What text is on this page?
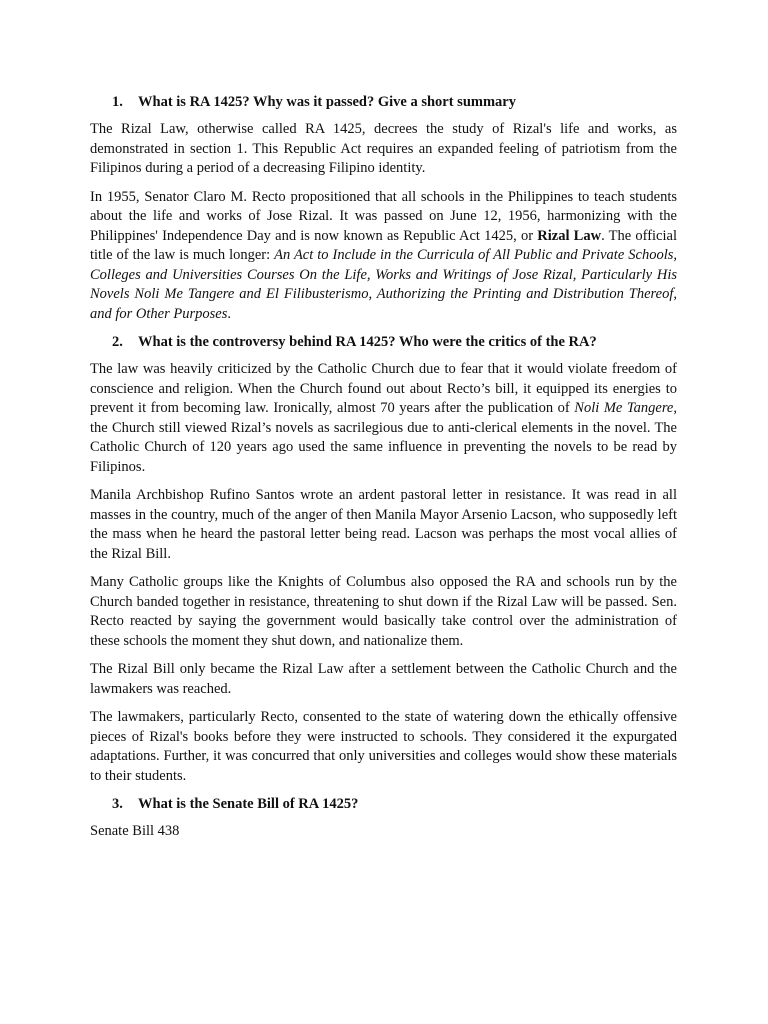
1.	What is RA 1425? Why was it passed? Give a short summary

The Rizal Law, otherwise called RA 1425, decrees the study of Rizal's life and works, as demonstrated in section 1. This Republic Act requires an expanded feeling of patriotism from the Filipinos during a period of a decreasing Filipino identity.

In 1955, Senator Claro M. Recto propositioned that all schools in the Philippines to teach students about the life and works of Jose Rizal. It was passed on June 12, 1956, harmonizing with the Philippines' Independence Day and is now known as Republic Act 1425, or Rizal Law. The official title of the law is much longer: An Act to Include in the Curricula of All Public and Private Schools, Colleges and Universities Courses On the Life, Works and Writings of Jose Rizal, Particularly His Novels Noli Me Tangere and El Filibusterismo, Authorizing the Printing and Distribution Thereof, and for Other Purposes.

2.	What is the controversy behind RA 1425? Who were the critics of the RA?

The law was heavily criticized by the Catholic Church due to fear that it would violate freedom of conscience and religion. When the Church found out about Recto’s bill, it equipped its energies to prevent it from becoming law. Ironically, almost 70 years after the publication of Noli Me Tangere, the Church still viewed Rizal’s novels as sacrilegious due to anti-clerical elements in the novel. The Catholic Church of 120 years ago used the same influence in preventing the novels to be read by Filipinos.

Manila Archbishop Rufino Santos wrote an ardent pastoral letter in resistance. It was read in all masses in the country, much of the anger of then Manila Mayor Arsenio Lacson, who supposedly left the mass when he heard the pastoral letter being read. Lacson was perhaps the most vocal allies of the Rizal Bill.

Many Catholic groups like the Knights of Columbus also opposed the RA and schools run by the Church banded together in resistance, threatening to shut down if the Rizal Law will be passed. Sen. Recto reacted by saying the government would basically take control over the administration of these schools the moment they shut down, and nationalize them.

The Rizal Bill only became the Rizal Law after a settlement between the Catholic Church and the lawmakers was reached.

The lawmakers, particularly Recto, consented to the state of watering down the ethically offensive pieces of Rizal's books before they were instructed to schools. They considered it the expurgated adaptations. Further, it was concurred that only universities and colleges would show these materials to their students.

3.	What is the Senate Bill of RA 1425?

Senate Bill 438
